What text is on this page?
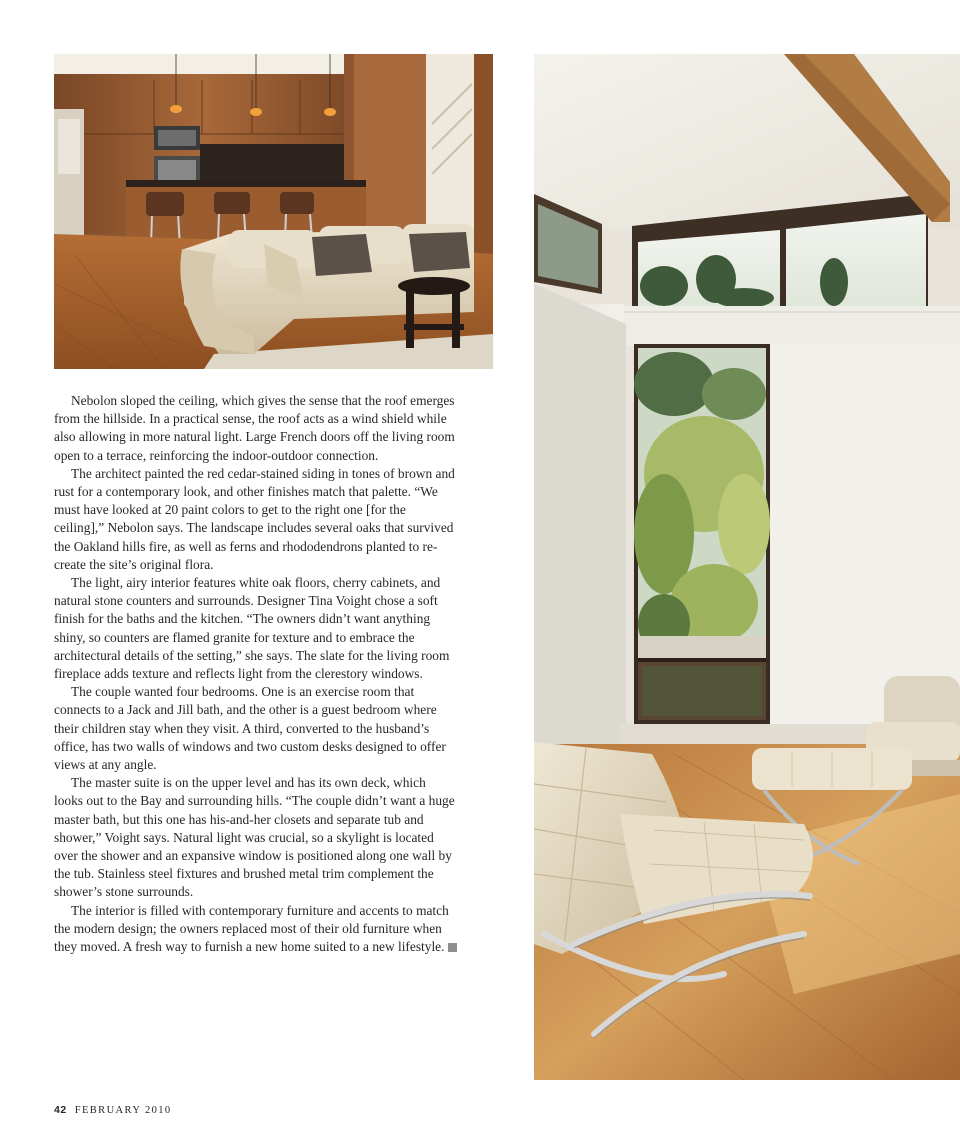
Nebolon sloped the ceiling, which gives the sense that the roof emerges from the hillside. In a practical sense, the roof acts as a wind shield while also allowing in more natural light. Large French doors off the living room open to a terrace, reinforcing the indoor-outdoor connection.

The architect painted the red cedar-stained siding in tones of brown and rust for a contemporary look, and other finishes match that palette. “We must have looked at 20 paint colors to get to the right one [for the ceiling],” Nebolon says. The landscape includes several oaks that survived the Oakland hills fire, as well as ferns and rhododendrons planted to re-create the site’s original flora.

The light, airy interior features white oak floors, cherry cabinets, and natural stone counters and surrounds. Designer Tina Voight chose a soft finish for the baths and the kitchen. “The owners didn’t want anything shiny, so counters are flamed granite for texture and to embrace the architectural details of the setting,” she says. The slate for the living room fireplace adds texture and reflects light from the clerestory windows.

The couple wanted four bedrooms. One is an exercise room that connects to a Jack and Jill bath, and the other is a guest bedroom where their children stay when they visit. A third, converted to the husband’s office, has two walls of windows and two custom desks designed to offer views at any angle.

The master suite is on the upper level and has its own deck, which looks out to the Bay and surrounding hills. “The couple didn’t want a huge master bath, but this one has his-and-her closets and separate tub and shower,” Voight says. Natural light was crucial, so a skylight is located over the shower and an expansive window is positioned along one wall by the tub. Stainless steel fixtures and brushed metal trim complement the shower’s stone surrounds.

The interior is filled with contemporary furniture and accents to match the modern design; the owners replaced most of their old furniture when they moved. A fresh way to furnish a new home suited to a new lifestyle.

42 FEBRUARY 2010
